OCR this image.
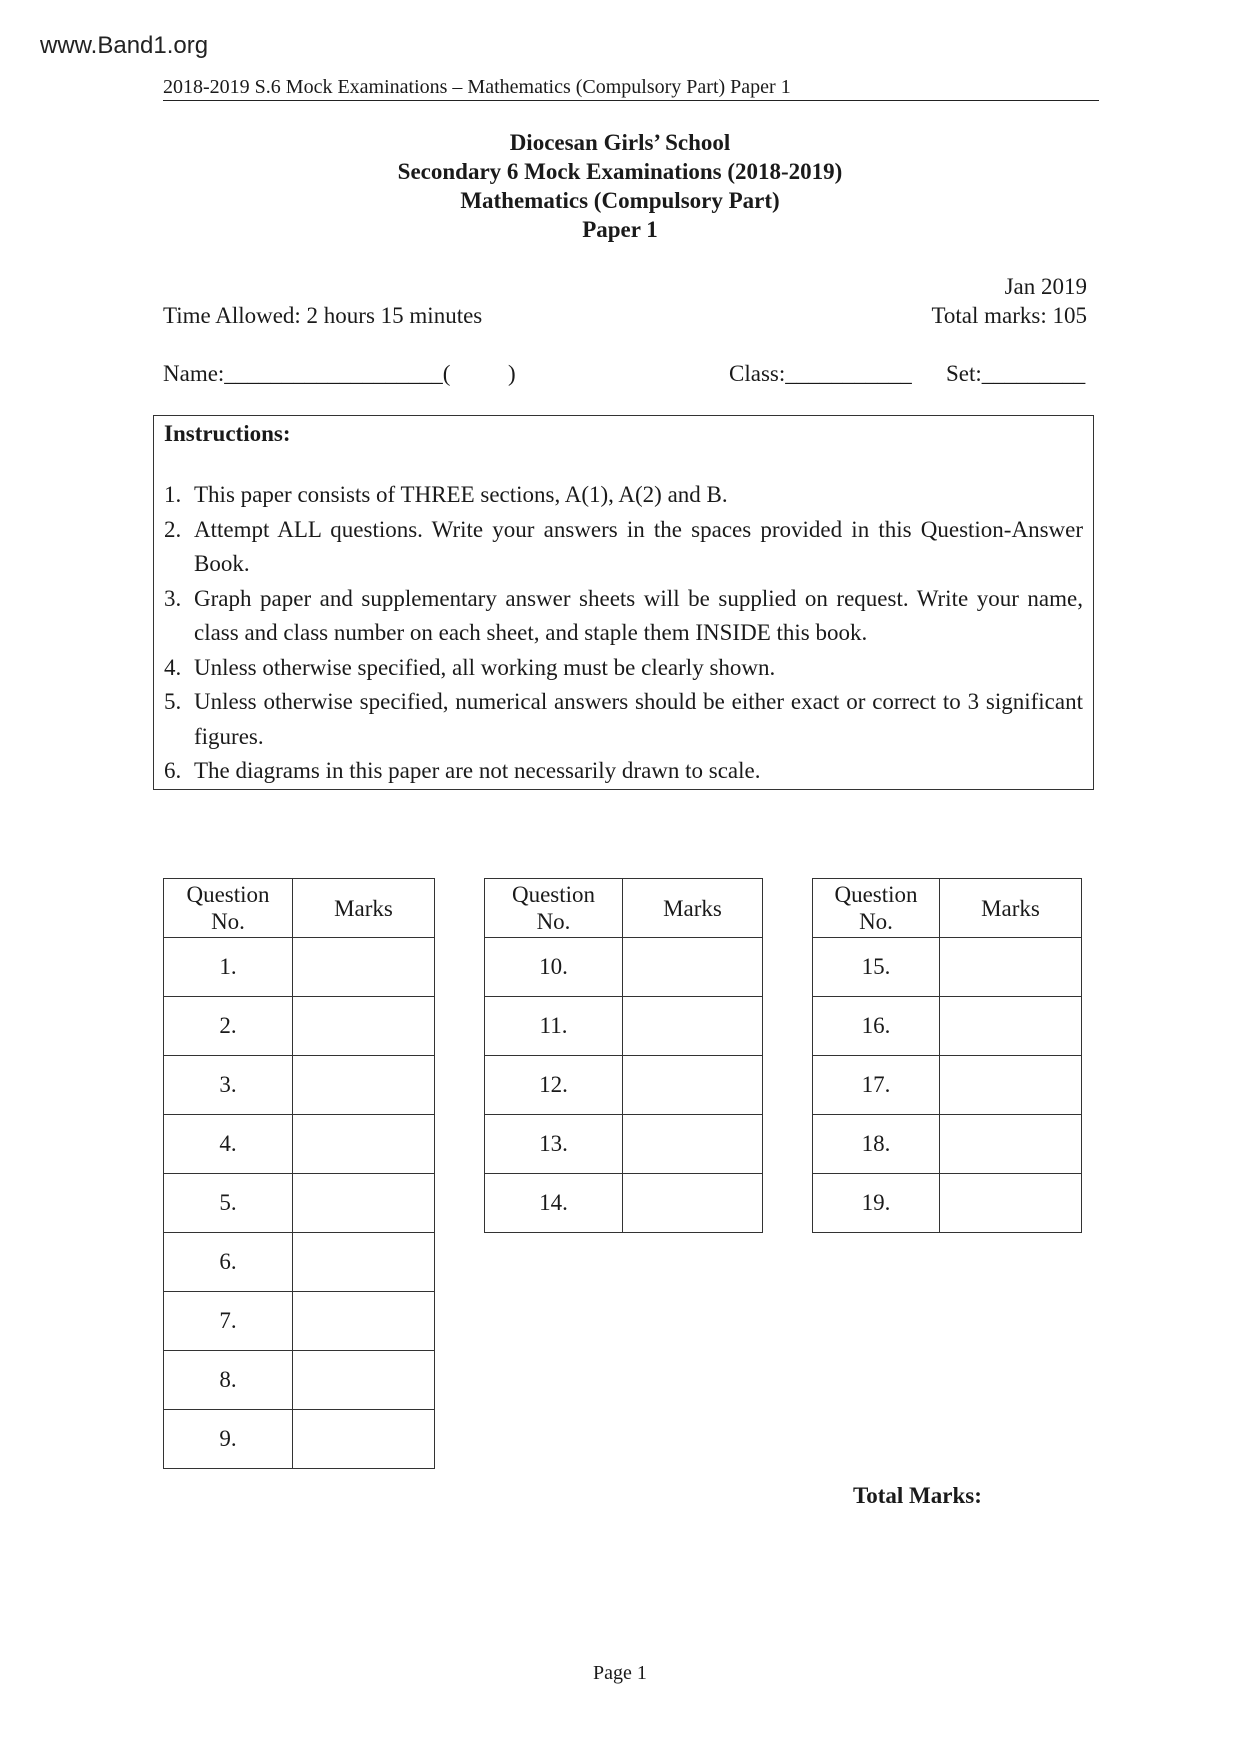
www.Band1.org
2018-2019 S.6 Mock Examinations – Mathematics (Compulsory Part) Paper 1
Diocesan Girls’ School
Secondary 6 Mock Examinations (2018-2019)
Mathematics (Compulsory Part)
Paper 1
Jan 2019
Time Allowed: 2 hours 15 minutes	Total marks: 105
Name:___________________(          )	Class:___________ Set:_________
Instructions:
1. This paper consists of THREE sections, A(1), A(2) and B.
2. Attempt ALL questions. Write your answers in the spaces provided in this Question-Answer Book.
3. Graph paper and supplementary answer sheets will be supplied on request. Write your name, class and class number on each sheet, and staple them INSIDE this book.
4. Unless otherwise specified, all working must be clearly shown.
5. Unless otherwise specified, numerical answers should be either exact or correct to 3 significant figures.
6. The diagrams in this paper are not necessarily drawn to scale.
Question
No.	Marks
1.	
2.	
3.	
4.	
5.	
6.	
7.	
8.	
9.	
Question
No.	Marks
10.	
11.	
12.	
13.	
14.	
Question
No.	Marks
15.	
16.	
17.	
18.	
19.	
Total Marks:
Page 1
